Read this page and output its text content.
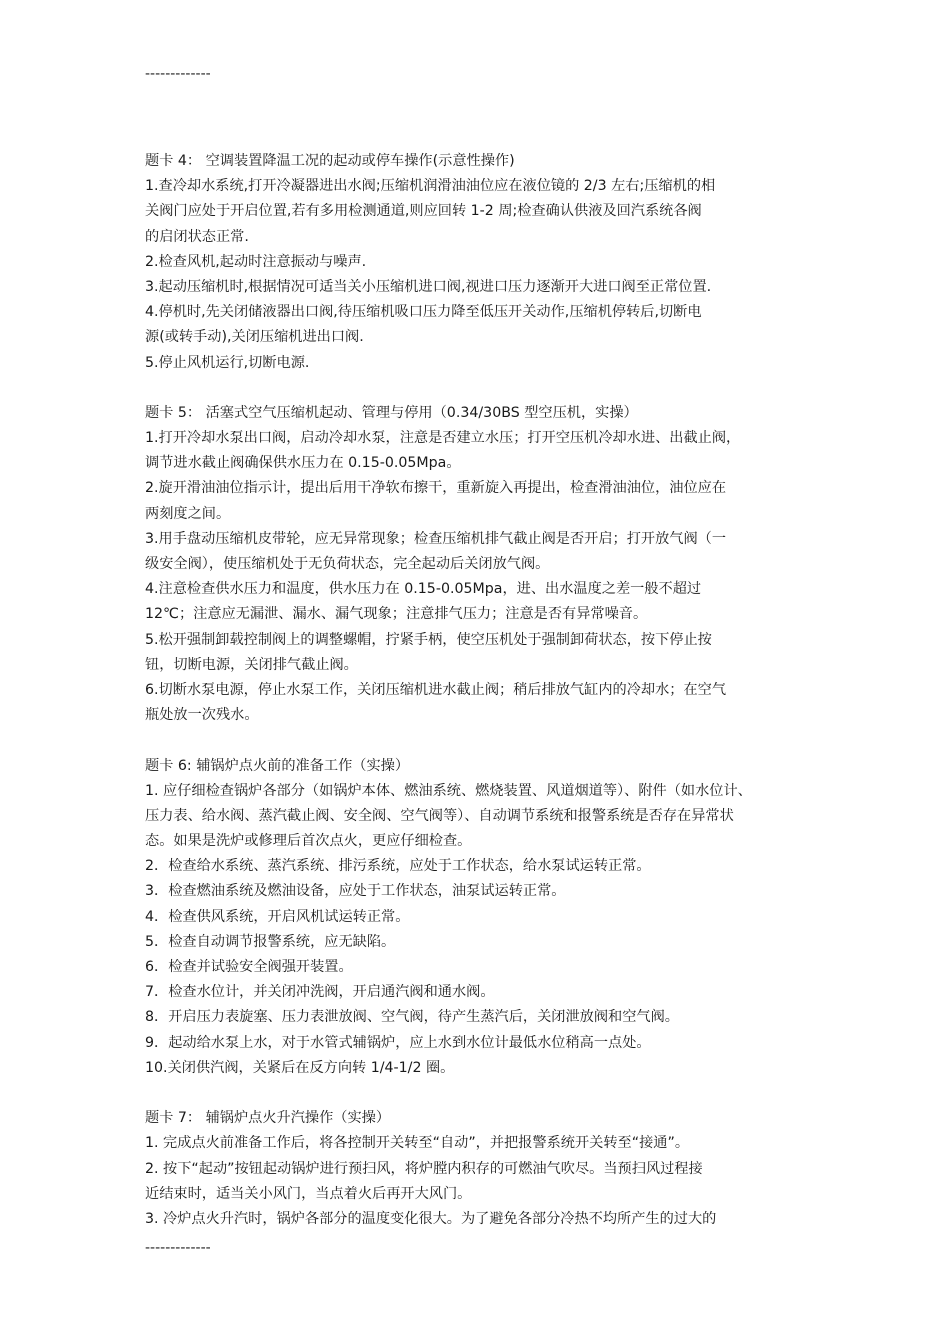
-------------
题卡 4： 空调装置降温工况的起动或停车操作(示意性操作)
1.查冷却水系统,打开冷凝器进出水阀;压缩机润滑油油位应在液位镜的 2/3 左右;压缩机的相
关阀门应处于开启位置,若有多用检测通道,则应回转 1-2 周;检查确认供液及回汽系统各阀
的启闭状态正常.
2.检查风机,起动时注意振动与噪声.
3.起动压缩机时,根据情况可适当关小压缩机进口阀,视进口压力逐渐开大进口阀至正常位置.
4.停机时,先关闭储液器出口阀,待压缩机吸口压力降至低压开关动作,压缩机停转后,切断电
源(或转手动),关闭压缩机进出口阀.
5.停止风机运行,切断电源.
题卡 5： 活塞式空气压缩机起动、管理与停用（0.34/30BS 型空压机，实操）
1.打开冷却水泵出口阀，启动冷却水泵，注意是否建立水压；打开空压机冷却水进、出截止阀，
调节进水截止阀确保供水压力在 0.15-0.05Mpa。
2.旋开滑油油位指示计，提出后用干净软布擦干，重新旋入再提出，检查滑油油位，油位应在
两刻度之间。
3.用手盘动压缩机皮带轮，应无异常现象；检查压缩机排气截止阀是否开启；打开放气阀（一
级安全阀），使压缩机处于无负荷状态，完全起动后关闭放气阀。
4.注意检查供水压力和温度，供水压力在 0.15-0.05Mpa，进、出水温度之差一般不超过
12℃；注意应无漏泄、漏水、漏气现象；注意排气压力；注意是否有异常噪音。
5.松开强制卸载控制阀上的调整螺帽，拧紧手柄，使空压机处于强制卸荷状态，按下停止按
钮，切断电源，关闭排气截止阀。
6.切断水泵电源，停止水泵工作，关闭压缩机进水截止阀；稍后排放气缸内的冷却水；在空气
瓶处放一次残水。
题卡 6: 辅锅炉点火前的准备工作（实操）
1. 应仔细检查锅炉各部分（如锅炉本体、燃油系统、燃烧装置、风道烟道等）、附件（如水位计、
压力表、给水阀、蒸汽截止阀、安全阀、空气阀等）、自动调节系统和报警系统是否存在异常状
态。如果是洗炉或修理后首次点火，更应仔细检查。
2．检查给水系统、蒸汽系统、排污系统，应处于工作状态，给水泵试运转正常。
3．检查燃油系统及燃油设备，应处于工作状态，油泵试运转正常。
4．检查供风系统，开启风机试运转正常。
5．检查自动调节报警系统，应无缺陷。
6．检查并试验安全阀强开装置。
7．检查水位计，并关闭冲洗阀，开启通汽阀和通水阀。
8．开启压力表旋塞、压力表泄放阀、空气阀，待产生蒸汽后，关闭泄放阀和空气阀。
9．起动给水泵上水，对于水管式辅锅炉，应上水到水位计最低水位稍高一点处。
10.关闭供汽阀，关紧后在反方向转 1/4-1/2 圈。
题卡 7： 辅锅炉点火升汽操作（实操）
1. 完成点火前准备工作后，将各控制开关转至“自动”，并把报警系统开关转至“接通”。
2. 按下“起动”按钮起动锅炉进行预扫风，将炉膛内积存的可燃油气吹尽。当预扫风过程接
近结束时，适当关小风门，当点着火后再开大风门。
3. 冷炉点火升汽时，锅炉各部分的温度变化很大。为了避免各部分冷热不均所产生的过大的
-------------
